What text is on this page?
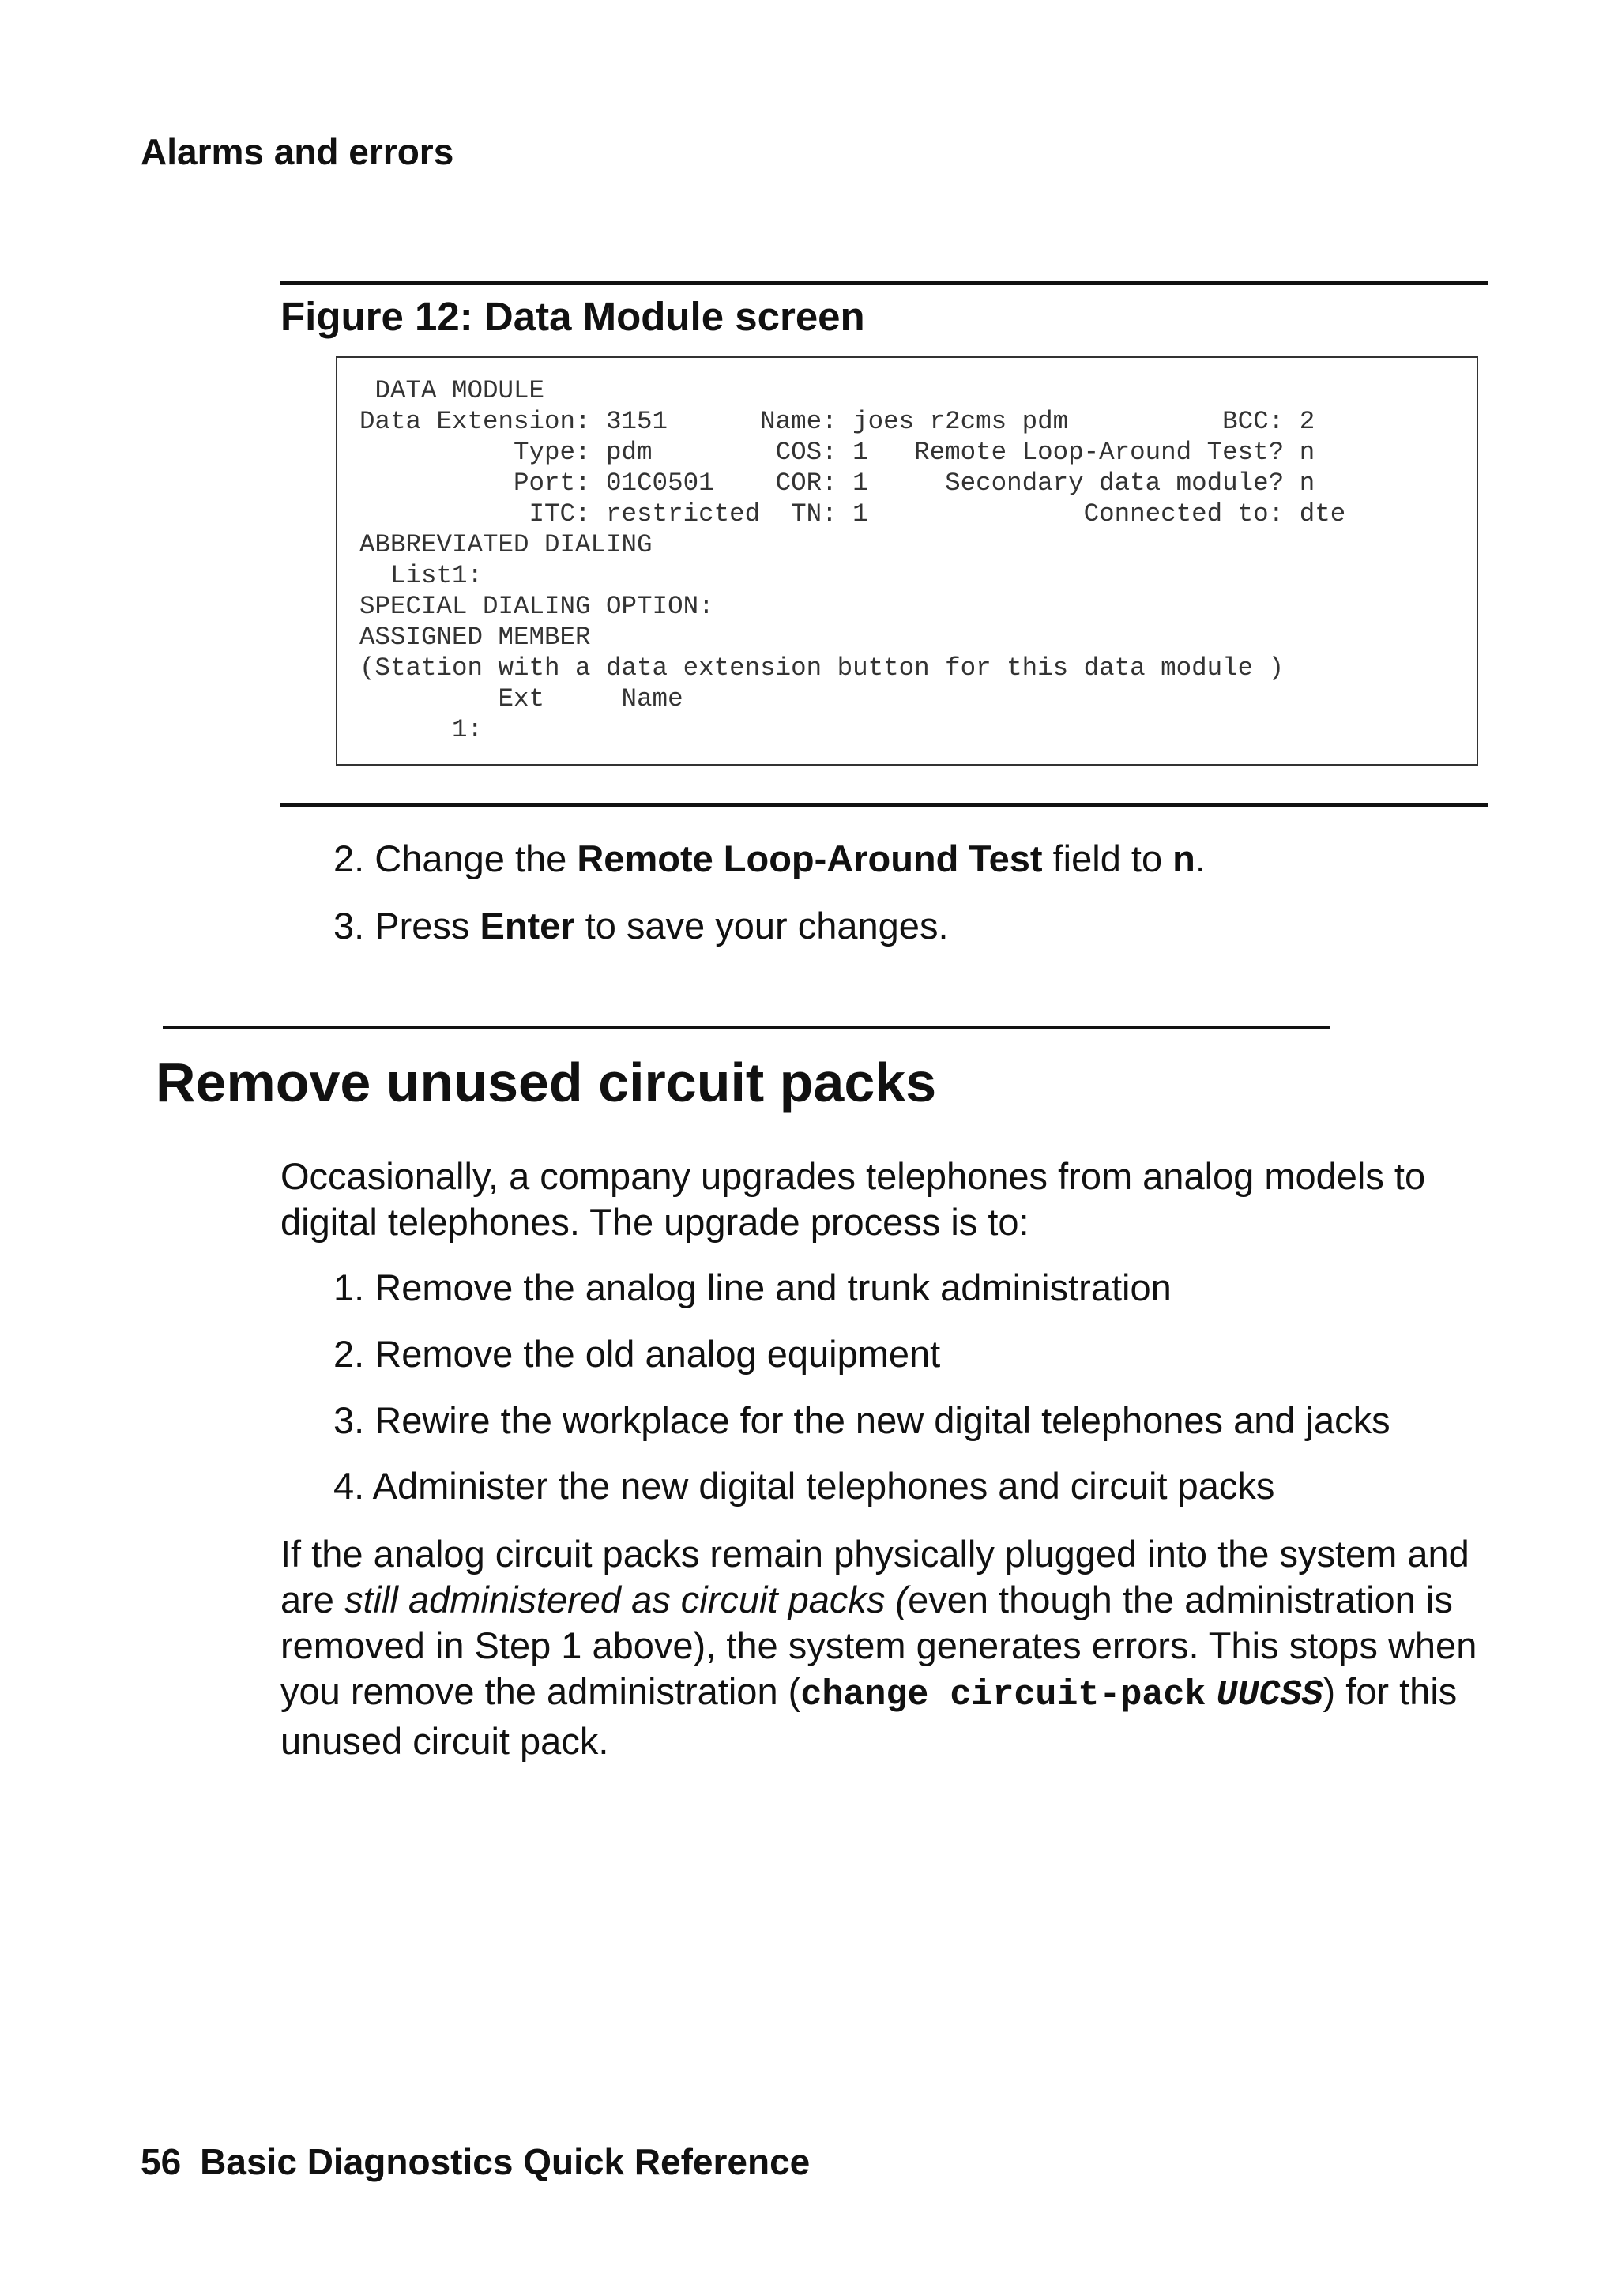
Alarms and errors
Figure 12: Data Module screen
DATA MODULE
Data Extension: 3151      Name: joes r2cms pdm          BCC: 2
Type: pdm        COS: 1   Remote Loop-Around Test? n
Port: 01C0501    COR: 1     Secondary data module? n
ITC: restricted  TN: 1              Connected to: dte
ABBREVIATED DIALING
List1:
SPECIAL DIALING OPTION:
ASSIGNED MEMBER
(Station with a data extension button for this data module )
Ext     Name
1:
2. Change the Remote Loop-Around Test field to n.
3. Press Enter to save your changes.
Remove unused circuit packs
Occasionally, a company upgrades telephones from analog models to digital telephones. The upgrade process is to:
1. Remove the analog line and trunk administration
2. Remove the old analog equipment
3. Rewire the workplace for the new digital telephones and jacks
4. Administer the new digital telephones and circuit packs
If the analog circuit packs remain physically plugged into the system and are still administered as circuit packs (even though the administration is removed in Step 1 above), the system generates errors. This stops when you remove the administration (change circuit-pack UUCSS) for this unused circuit pack.
56 Basic Diagnostics Quick Reference
